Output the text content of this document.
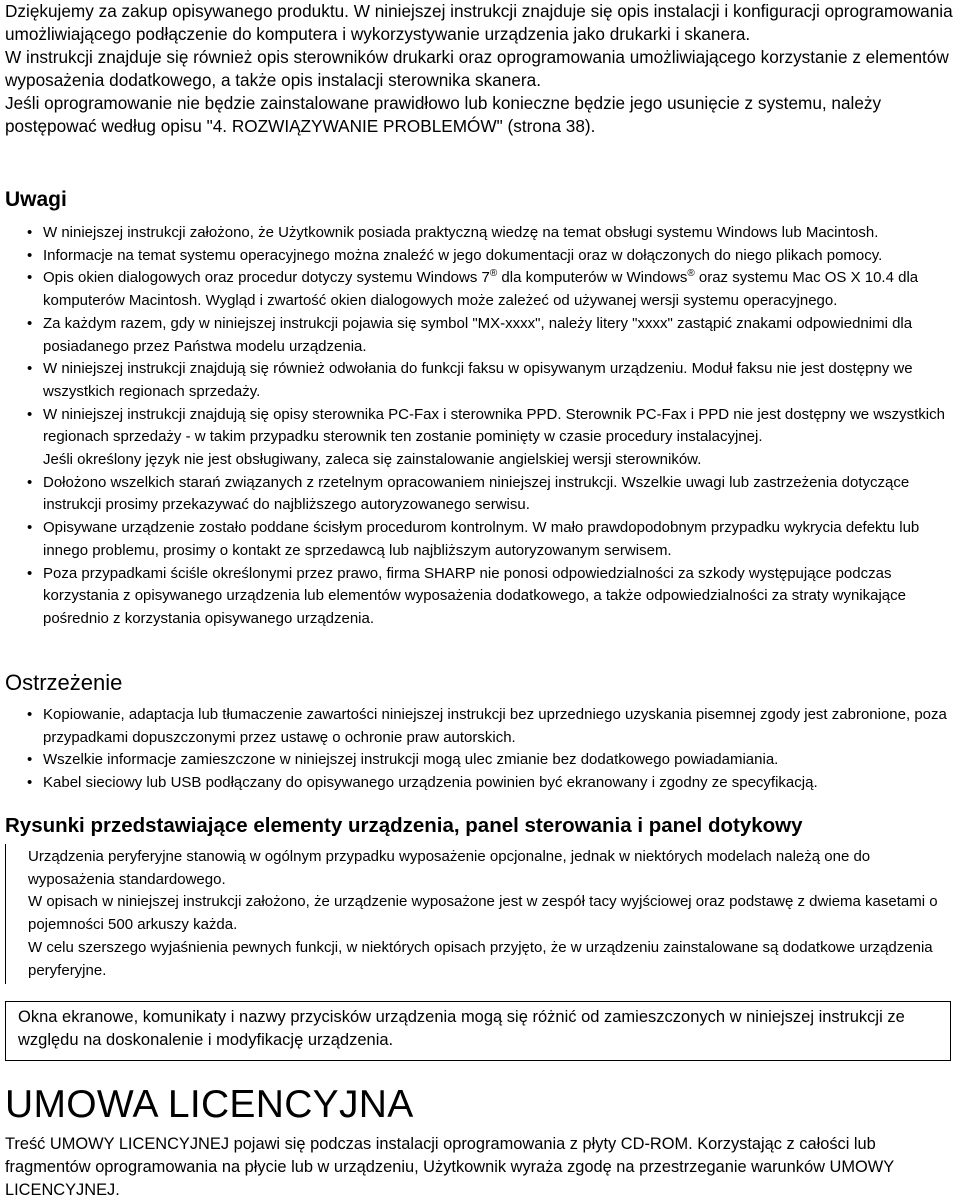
Dziękujemy za zakup opisywanego produktu. W niniejszej instrukcji znajduje się opis instalacji i konfiguracji oprogramowania umożliwiającego podłączenie do komputera i wykorzystywanie urządzenia jako drukarki i skanera.

W instrukcji znajduje się również opis sterowników drukarki oraz oprogramowania umożliwiającego korzystanie z elementów wyposażenia dodatkowego, a także opis instalacji sterownika skanera.

Jeśli oprogramowanie nie będzie zainstalowane prawidłowo lub konieczne będzie jego usunięcie z systemu, należy postępować według opisu "4. ROZWIĄZYWANIE PROBLEMÓW" (strona 38).

Uwagi
• W niniejszej instrukcji założono, że Użytkownik posiada praktyczną wiedzę na temat obsługi systemu Windows lub Macintosh.
• Informacje na temat systemu operacyjnego można znaleźć w jego dokumentacji oraz w dołączonych do niego plikach pomocy.
• Opis okien dialogowych oraz procedur dotyczy systemu Windows 7® dla komputerów w Windows® oraz systemu Mac OS X 10.4 dla komputerów Macintosh. Wygląd i zwartość okien dialogowych może zależeć od używanej wersji systemu operacyjnego.
• Za każdym razem, gdy w niniejszej instrukcji pojawia się symbol "MX-xxxx", należy litery "xxxx" zastąpić znakami odpowiednimi dla posiadanego przez Państwa modelu urządzenia.
• W niniejszej instrukcji znajdują się również odwołania do funkcji faksu w opisywanym urządzeniu. Moduł faksu nie jest dostępny we wszystkich regionach sprzedaży.
• W niniejszej instrukcji znajdują się opisy sterownika PC-Fax i sterownika PPD. Sterownik PC-Fax i PPD nie jest dostępny we wszystkich regionach sprzedaży - w takim przypadku sterownik ten zostanie pominięty w czasie procedury instalacyjnej.
Jeśli określony język nie jest obsługiwany, zaleca się zainstalowanie angielskiej wersji sterowników.
• Dołożono wszelkich starań związanych z rzetelnym opracowaniem niniejszej instrukcji. Wszelkie uwagi lub zastrzeżenia dotyczące instrukcji prosimy przekazywać do najbliższego autoryzowanego serwisu.
• Opisywane urządzenie zostało poddane ścisłym procedurom kontrolnym. W mało prawdopodobnym przypadku wykrycia defektu lub innego problemu, prosimy o kontakt ze sprzedawcą lub najbliższym autoryzowanym serwisem.
• Poza przypadkami ściśle określonymi przez prawo, firma SHARP nie ponosi odpowiedzialności za szkody występujące podczas korzystania z opisywanego urządzenia lub elementów wyposażenia dodatkowego, a także odpowiedzialności za straty wynikające pośrednio z korzystania opisywanego urządzenia.
Ostrzeżenie
• Kopiowanie, adaptacja lub tłumaczenie zawartości niniejszej instrukcji bez uprzedniego uzyskania pisemnej zgody jest zabronione, poza przypadkami dopuszczonymi przez ustawę o ochronie praw autorskich.
• Wszelkie informacje zamieszczone w niniejszej instrukcji mogą ulec zmianie bez dodatkowego powiadamiania.
• Kabel sieciowy lub USB podłączany do opisywanego urządzenia powinien być ekranowany i zgodny ze specyfikacją.
Rysunki przedstawiające elementy urządzenia, panel sterowania i panel dotykowy

Urządzenia peryferyjne stanowią w ogólnym przypadku wyposażenie opcjonalne, jednak w niektórych modelach należą one do wyposażenia standardowego.

W opisach w niniejszej instrukcji założono, że urządzenie wyposażone jest w zespół tacy wyjściowej oraz podstawę z dwiema kasetami o pojemności 500 arkuszy każda.

W celu szerszego wyjaśnienia pewnych funkcji, w niektórych opisach przyjęto, że w urządzeniu zainstalowane są dodatkowe urządzenia peryferyjne.

Okna ekranowe, komunikaty i nazwy przycisków urządzenia mogą się różnić od zamieszczonych w niniejszej instrukcji ze względu na doskonalenie i modyfikację urządzenia.
UMOWA LICENCYJNA

Treść UMOWY LICENCYJNEJ pojawi się podczas instalacji oprogramowania z płyty CD-ROM. Korzystając z całości lub fragmentów oprogramowania na płycie lub w urządzeniu, Użytkownik wyraża zgodę na przestrzeganie warunków UMOWY LICENCYJNEJ.
